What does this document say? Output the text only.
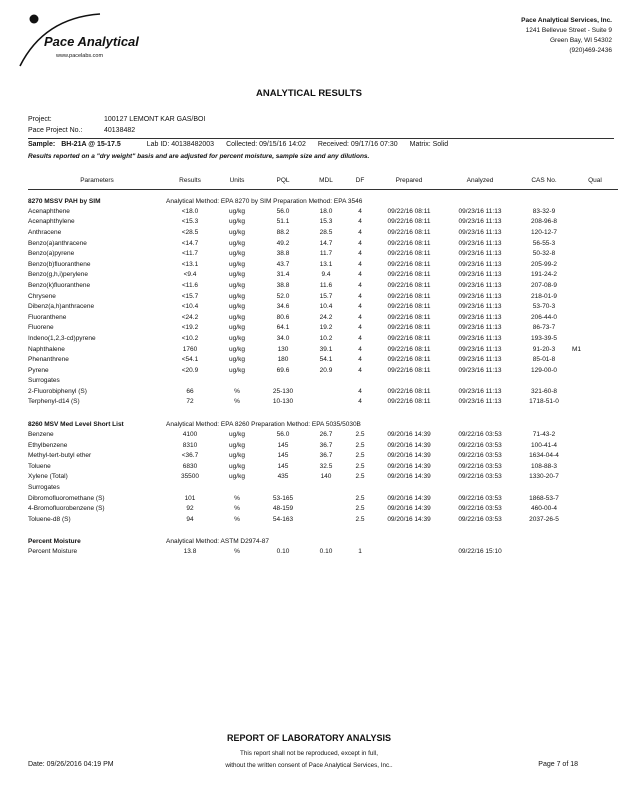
Pace Analytical
www.pacelabs.com
Pace Analytical Services, Inc.
1241 Bellevue Street - Suite 9
Green Bay, WI 54302
(920)469-2436
ANALYTICAL RESULTS
Project:	100127 LEMONT KAR GAS/BOI
Pace Project No.:	40138482
Sample: BH-21A @ 15-17.5	Lab ID: 40138482003 Collected: 09/15/16 14:02 Received: 09/17/16 07:30 Matrix: Solid
Results reported on a "dry weight" basis and are adjusted for percent moisture, sample size and any dilutions.
Parameters	Results	Units	PQL	MDL	DF	Prepared	Analyzed	CAS No.	Qual
8270 MSSV PAH by SIM	Analytical Method: EPA 8270 by SIM Preparation Method: EPA 3546								
Acenaphthene	<18.0	ug/kg	56.0	18.0	4	09/22/16 08:11	09/23/16 11:13	83-32-9	
Acenaphthylene	<15.3	ug/kg	51.1	15.3	4	09/22/16 08:11	09/23/16 11:13	208-96-8	
Anthracene	<28.5	ug/kg	88.2	28.5	4	09/22/16 08:11	09/23/16 11:13	120-12-7	
Benzo(a)anthracene	<14.7	ug/kg	49.2	14.7	4	09/22/16 08:11	09/23/16 11:13	56-55-3	
Benzo(a)pyrene	<11.7	ug/kg	38.8	11.7	4	09/22/16 08:11	09/23/16 11:13	50-32-8	
Benzo(b)fluoranthene	<13.1	ug/kg	43.7	13.1	4	09/22/16 08:11	09/23/16 11:13	205-99-2	
Benzo(g,h,i)perylene	<9.4	ug/kg	31.4	9.4	4	09/22/16 08:11	09/23/16 11:13	191-24-2	
Benzo(k)fluoranthene	<11.6	ug/kg	38.8	11.6	4	09/22/16 08:11	09/23/16 11:13	207-08-9	
Chrysene	<15.7	ug/kg	52.0	15.7	4	09/22/16 08:11	09/23/16 11:13	218-01-9	
Dibenz(a,h)anthracene	<10.4	ug/kg	34.6	10.4	4	09/22/16 08:11	09/23/16 11:13	53-70-3	
Fluoranthene	<24.2	ug/kg	80.6	24.2	4	09/22/16 08:11	09/23/16 11:13	206-44-0	
Fluorene	<19.2	ug/kg	64.1	19.2	4	09/22/16 08:11	09/23/16 11:13	86-73-7	
Indeno(1,2,3-cd)pyrene	<10.2	ug/kg	34.0	10.2	4	09/22/16 08:11	09/23/16 11:13	193-39-5	
Naphthalene	1760	ug/kg	130	39.1	4	09/22/16 08:11	09/23/16 11:13	91-20-3	M1
Phenanthrene	<54.1	ug/kg	180	54.1	4	09/22/16 08:11	09/23/16 11:13	85-01-8	
Pyrene	<20.9	ug/kg	69.6	20.9	4	09/22/16 08:11	09/23/16 11:13	129-00-0	
Surrogates									
2-Fluorobiphenyl (S)	66	%	25-130		4	09/22/16 08:11	09/23/16 11:13	321-60-8	
Terphenyl-d14 (S)	72	%	10-130		4	09/22/16 08:11	09/23/16 11:13	1718-51-0	

8260 MSV Med Level Short List	Analytical Method: EPA 8260 Preparation Method: EPA 5035/5030B								
Benzene	4100	ug/kg	56.0	26.7	2.5	09/20/16 14:39	09/22/16 03:53	71-43-2	
Ethylbenzene	8310	ug/kg	145	36.7	2.5	09/20/16 14:39	09/22/16 03:53	100-41-4	
Methyl-tert-butyl ether	<36.7	ug/kg	145	36.7	2.5	09/20/16 14:39	09/22/16 03:53	1634-04-4	
Toluene	6830	ug/kg	145	32.5	2.5	09/20/16 14:39	09/22/16 03:53	108-88-3	
Xylene (Total)	35500	ug/kg	435	140	2.5	09/20/16 14:39	09/22/16 03:53	1330-20-7	
Surrogates									
Dibromofluoromethane (S)	101	%	53-165		2.5	09/20/16 14:39	09/22/16 03:53	1868-53-7	
4-Bromofluorobenzene (S)	92	%	48-159		2.5	09/20/16 14:39	09/22/16 03:53	460-00-4	
Toluene-d8 (S)	94	%	54-163		2.5	09/20/16 14:39	09/22/16 03:53	2037-26-5	

Percent Moisture	Analytical Method: ASTM D2974-87								
Percent Moisture	13.8	%	0.10	0.10	1		09/22/16 15:10		

REPORT OF LABORATORY ANALYSIS
This report shall not be reproduced, except in full,
without the written consent of Pace Analytical Services, Inc..
Date: 09/26/2016 04:19 PM	Page 7 of 18
